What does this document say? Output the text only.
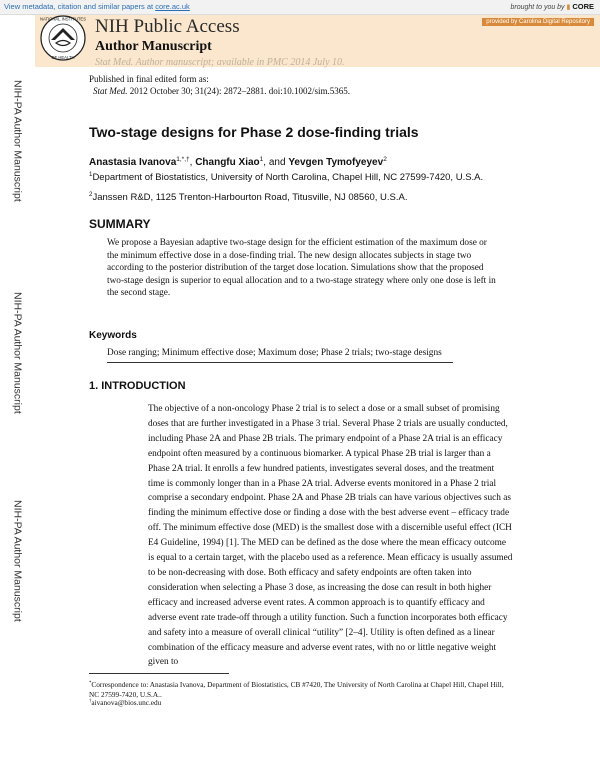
View metadata, citation and similar papers at core.ac.uk	brought to you by ▮ CORE
provided by Carolina Digital Repository
NATIONAL INSTITUTES
OF HEALTH
NIH Public Access
Author Manuscript
Stat Med. Author manuscript; available in PMC 2014 July 10.
NIH-PA Author Manuscript
NIH-PA Author Manuscript
NIH-PA Author Manuscript
Published in final edited form as:
Stat Med. 2012 October 30; 31(24): 2872–2881. doi:10.1002/sim.5365.
Two-stage designs for Phase 2 dose-finding trials
Anastasia Ivanova$^{1,*,\dagger}$, Changfu Xiao$^1$, and Yevgen Tymofyeyev$^2$
$^1$Department of Biostatistics, University of North Carolina, Chapel Hill, NC 27599-7420, U.S.A.
$^2$Janssen R&D, 1125 Trenton-Harbourton Road, Titusville, NJ 08560, U.S.A.
SUMMARY
We propose a Bayesian adaptive two-stage design for the efficient estimation of the maximum dose or the minimum effective dose in a dose-finding trial. The new design allocates subjects in stage two according to the posterior distribution of the target dose location. Simulations show that the proposed two-stage design is superior to equal allocation and to a two-stage strategy where only one dose is left in the second stage.
Keywords
Dose ranging; Minimum effective dose; Maximum dose; Phase 2 trials; two-stage designs
1. INTRODUCTION
The objective of a non-oncology Phase 2 trial is to select a dose or a small subset of promising doses that are further investigated in a Phase 3 trial. Several Phase 2 trials are usually conducted, including Phase 2A and Phase 2B trials. The primary endpoint of a Phase 2A trial is an efficacy endpoint often measured by a continuous biomarker. A typical Phase 2B trial is larger than a Phase 2A trial. It enrolls a few hundred patients, investigates several doses, and the treatment time is commonly longer than in a Phase 2A trial. Adverse events monitored in a Phase 2 trial comprise a secondary endpoint. Phase 2A and Phase 2B trials can have various objectives such as finding the minimum effective dose or finding a dose with the best adverse event – efficacy trade off. The minimum effective dose (MED) is the smallest dose with a discernible useful effect (ICH E4 Guideline, 1994) [1]. The MED can be defined as the dose where the mean efficacy outcome is equal to a certain target, with the placebo used as a reference. Mean efficacy is usually assumed to be non-decreasing with dose. Both efficacy and safety endpoints are often taken into consideration when selecting a Phase 3 dose, as increasing the dose can result in both higher efficacy and increased adverse event rates. A common approach is to quantify efficacy and adverse event rate trade-off through a utility function. Such a function incorporates both efficacy and safety into a measure of overall clinical “utility” [2–4]. Utility is often defined as a linear combination of the efficacy measure and adverse event rates, with no or little negative weight given to
*Correspondence to: Anastasia Ivanova, Department of Biostatistics, CB #7420, The University of North Carolina at Chapel Hill, Chapel Hill, NC 27599-7420, U.S.A..
†aivanova@bios.unc.edu
